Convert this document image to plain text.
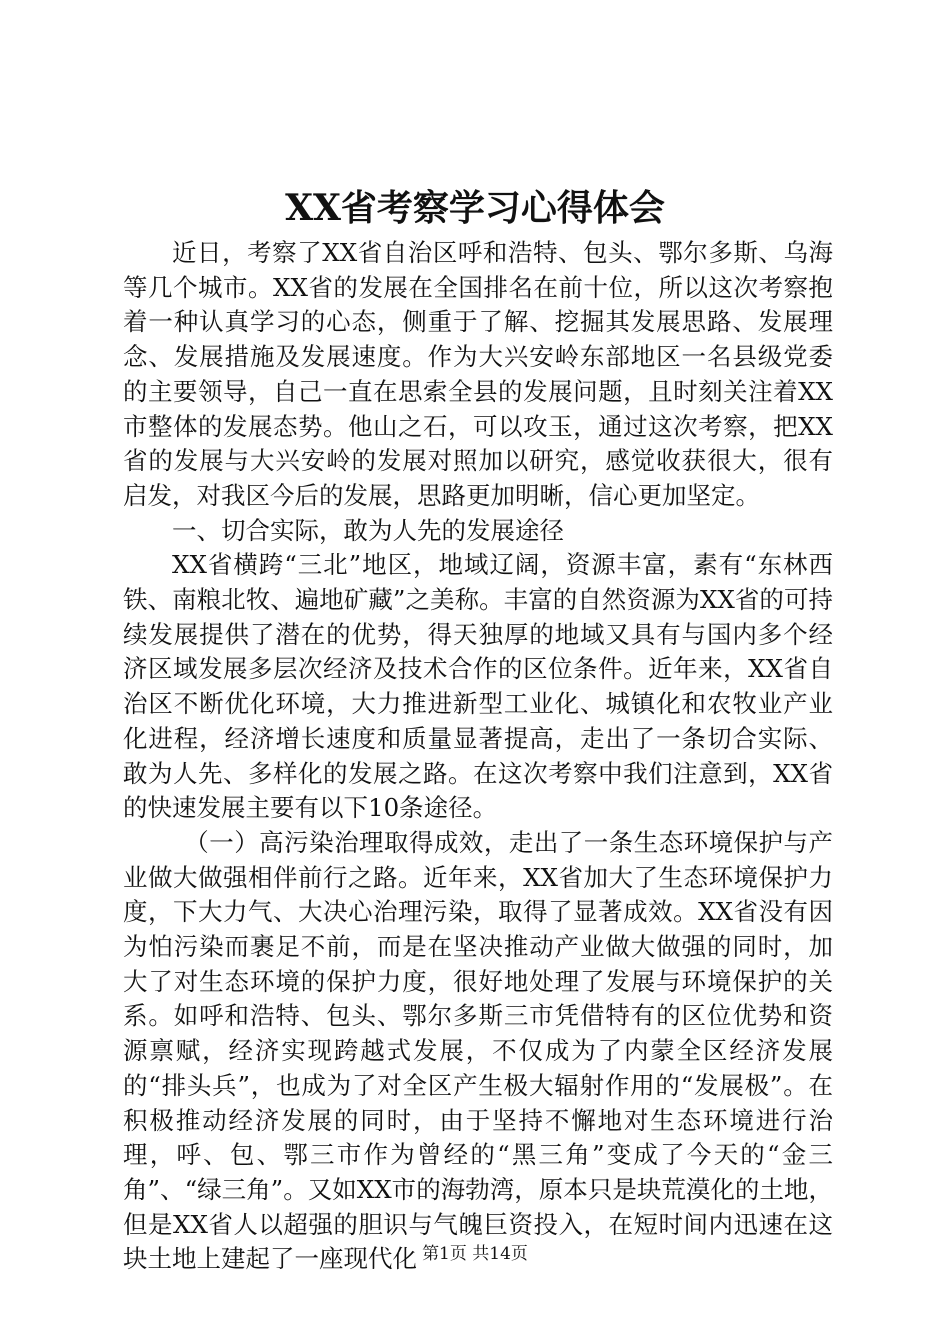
XX省考察学习心得体会

近日，考察了XX省自治区呼和浩特、包头、鄂尔多斯、乌海等几个城市。XX省的发展在全国排名在前十位，所以这次考察抱着一种认真学习的心态，侧重于了解、挖掘其发展思路、发展理念、发展措施及发展速度。作为大兴安岭东部地区一名县级党委的主要领导，自己一直在思索全县的发展问题，且时刻关注着XX市整体的发展态势。他山之石，可以攻玉，通过这次考察，把XX省的发展与大兴安岭的发展对照加以研究，感觉收获很大，很有启发，对我区今后的发展，思路更加明晰，信心更加坚定。

一、切合实际，敢为人先的发展途径

XX省横跨“三北”地区，地域辽阔，资源丰富，素有“东林西铁、南粮北牧、遍地矿藏”之美称。丰富的自然资源为XX省的可持续发展提供了潜在的优势，得天独厚的地域又具有与国内多个经济区域发展多层次经济及技术合作的区位条件。近年来，XX省自治区不断优化环境，大力推进新型工业化、城镇化和农牧业产业化进程，经济增长速度和质量显著提高，走出了一条切合实际、敢为人先、多样化的发展之路。在这次考察中我们注意到，XX省的快速发展主要有以下10条途径。

（一）高污染治理取得成效，走出了一条生态环境保护与产业做大做强相伴前行之路。近年来，XX省加大了生态环境保护力度，下大力气、大决心治理污染，取得了显著成效。XX省没有因为怕污染而裹足不前，而是在坚决推动产业做大做强的同时，加大了对生态环境的保护力度，很好地处理了发展与环境保护的关系。如呼和浩特、包头、鄂尔多斯三市凭借特有的区位优势和资源禀赋，经济实现跨越式发展，不仅成为了内蒙全区经济发展的“排头兵”，也成为了对全区产生极大辐射作用的“发展极”。在积极推动经济发展的同时，由于坚持不懈地对生态环境进行治理，呼、包、鄂三市作为曾经的“黑三角”变成了今天的“金三角”、“绿三角”。又如XX市的海勃湾，原本只是块荒漠化的土地，但是XX省人以超强的胆识与气魄巨资投入，在短时间内迅速在这块土地上建起了一座现代化 第1页 共14页
